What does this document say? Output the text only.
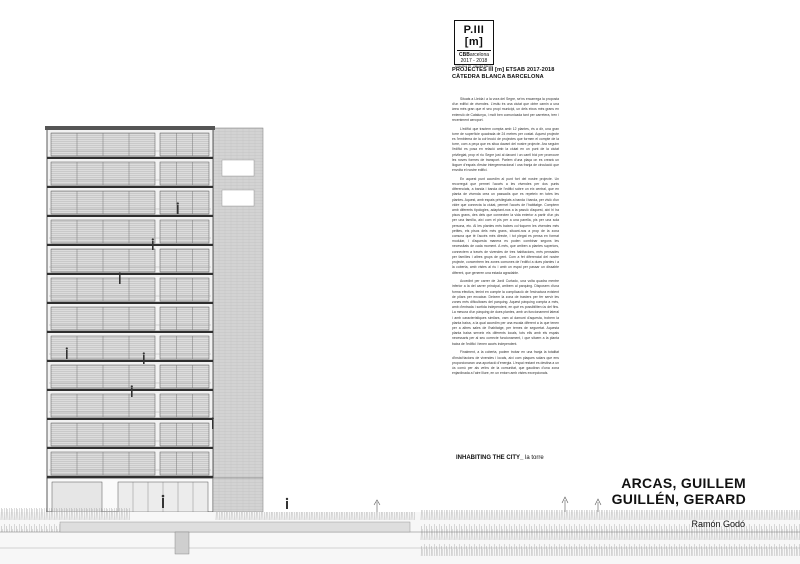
P.III [m]
CBBarcelona
2017 - 2018
projectes III · catedra blanca
PROJECTES III [m] ETSAB 2017-2018
CÀTEDRA BLANCA BARCELONA

Situats a Lleida i a la vora del Segre, se'ns encarrega la proposta d'un edifici de vivendes. L'estiu és una ciutat que obtre camin a una àrea més gran que el seu propi municipi, un dels eixos més grans en extensió de Catalunya, i molt ben comunicada tant per carretera, tren i recentment aeroport.

L'edifici que tractem compta amb 12 plantes, és a dir, una gran torre de superfície quadrada de 24 metres per costat. Aquest projecte es l'emblema de la col·lecció de projectes que formen el compte de la torre, com a peça que es situa davant del nostre projecte. Ara seguim l'edifici es posa en relació amb la ciutat en un punt de la ciutat privilegiat, prop el riu Segre just al davant i un carril bici per promoure les noves formes de transport. Parlem d'una plaça on es crearà un lloguer d'espais d'estar intergeneracional i una franja de circulació que envolta el nostre edifici.

En aquest punt accedim al punt fort del nostre projecte. Un recorregut que permet l'accés a les vivendes per dos punts diferenciats, a banda i banda de l'edifici sobre un eix central, que en planta de vivenda crea un passadís que es repeteix en totes les plantes. Aquest, amb espais privilegiats a banda i banda, per visió d'un vidre que connecta la ciutat, permet l'accés de l'habitatge. Comptem amb diferents tipologies, adaptant-nos a la passió d'aquest, així hi ha pisos grans, des dels que connecten la vida exterior a partir d'un pis per una família, així com el pis per a una parella, pis per una sola persona, etc. Al les plantes més baixes col·loquem les vivendes més petites, els pisos dels més grans, situant-nos a prop de la zona comuna que té l'accés més directe, i tot plegat es pensa en format modular, i d'aquesta manera es poden combinar segons les necessitats de cada moment. A més, que arriben a plantes superiors, connectem a través de vivendes de tres habitacions, més pensades per famílies i altres grups de gent. Com a fet diferencial del nostre projecte, concentrem les zones comunes de l'edifici a dues plantes i a la coberta, amb vistes al riu i amb un espai per passar un dissabte diferent, que generen una estada agradable.

Accedint per carrer de Jordi Curtado, una volta quadra mentre inferior a la del carrer principal, arribem al parquing. Disposem d'una forma efectiva, tenint en compte la complicació de l'estructura existent de pilars per encaixar. Deixem la zona de trasters per fer servir les zones més dificultoses del parquing. Aquest pàrquing compta a més, amb d'entrada i sortida independent, en què es possibiliten ús del fins. La mesura d'un pàrquing de dues plantes, amb un funcionament lateral i amb característiques similars, vam al damunt d'aquesta, trobem la planta baixa, a la qual accedim per una escala diferent a la que tenen per a altres sales de l'habitatge, per temes de seguretat. Aquesta planta baixa serveix els diferents locals, tots ells amb els espais necessaris per al seu correcte funcionament, i que situem a la planta baixa de l'edifici i tenen accés independent.

Finalment, a la coberta, podem trobar en una franja la totalitat d'instal·lacions de vivendes i locals, així com plaques solars que ens proporcionaran una aportació d'energia. L'espai restant es destina a un ús comú per als veïns de la comunitat, que gaudiran d'una zona enjardinada a l'aire lliure, en un entorn amb vistes excepcionals.

INHABITING THE CITY_ la torre
ARCAS, GUILLEM
GUILLÉN, GERARD
Ramón Godó
